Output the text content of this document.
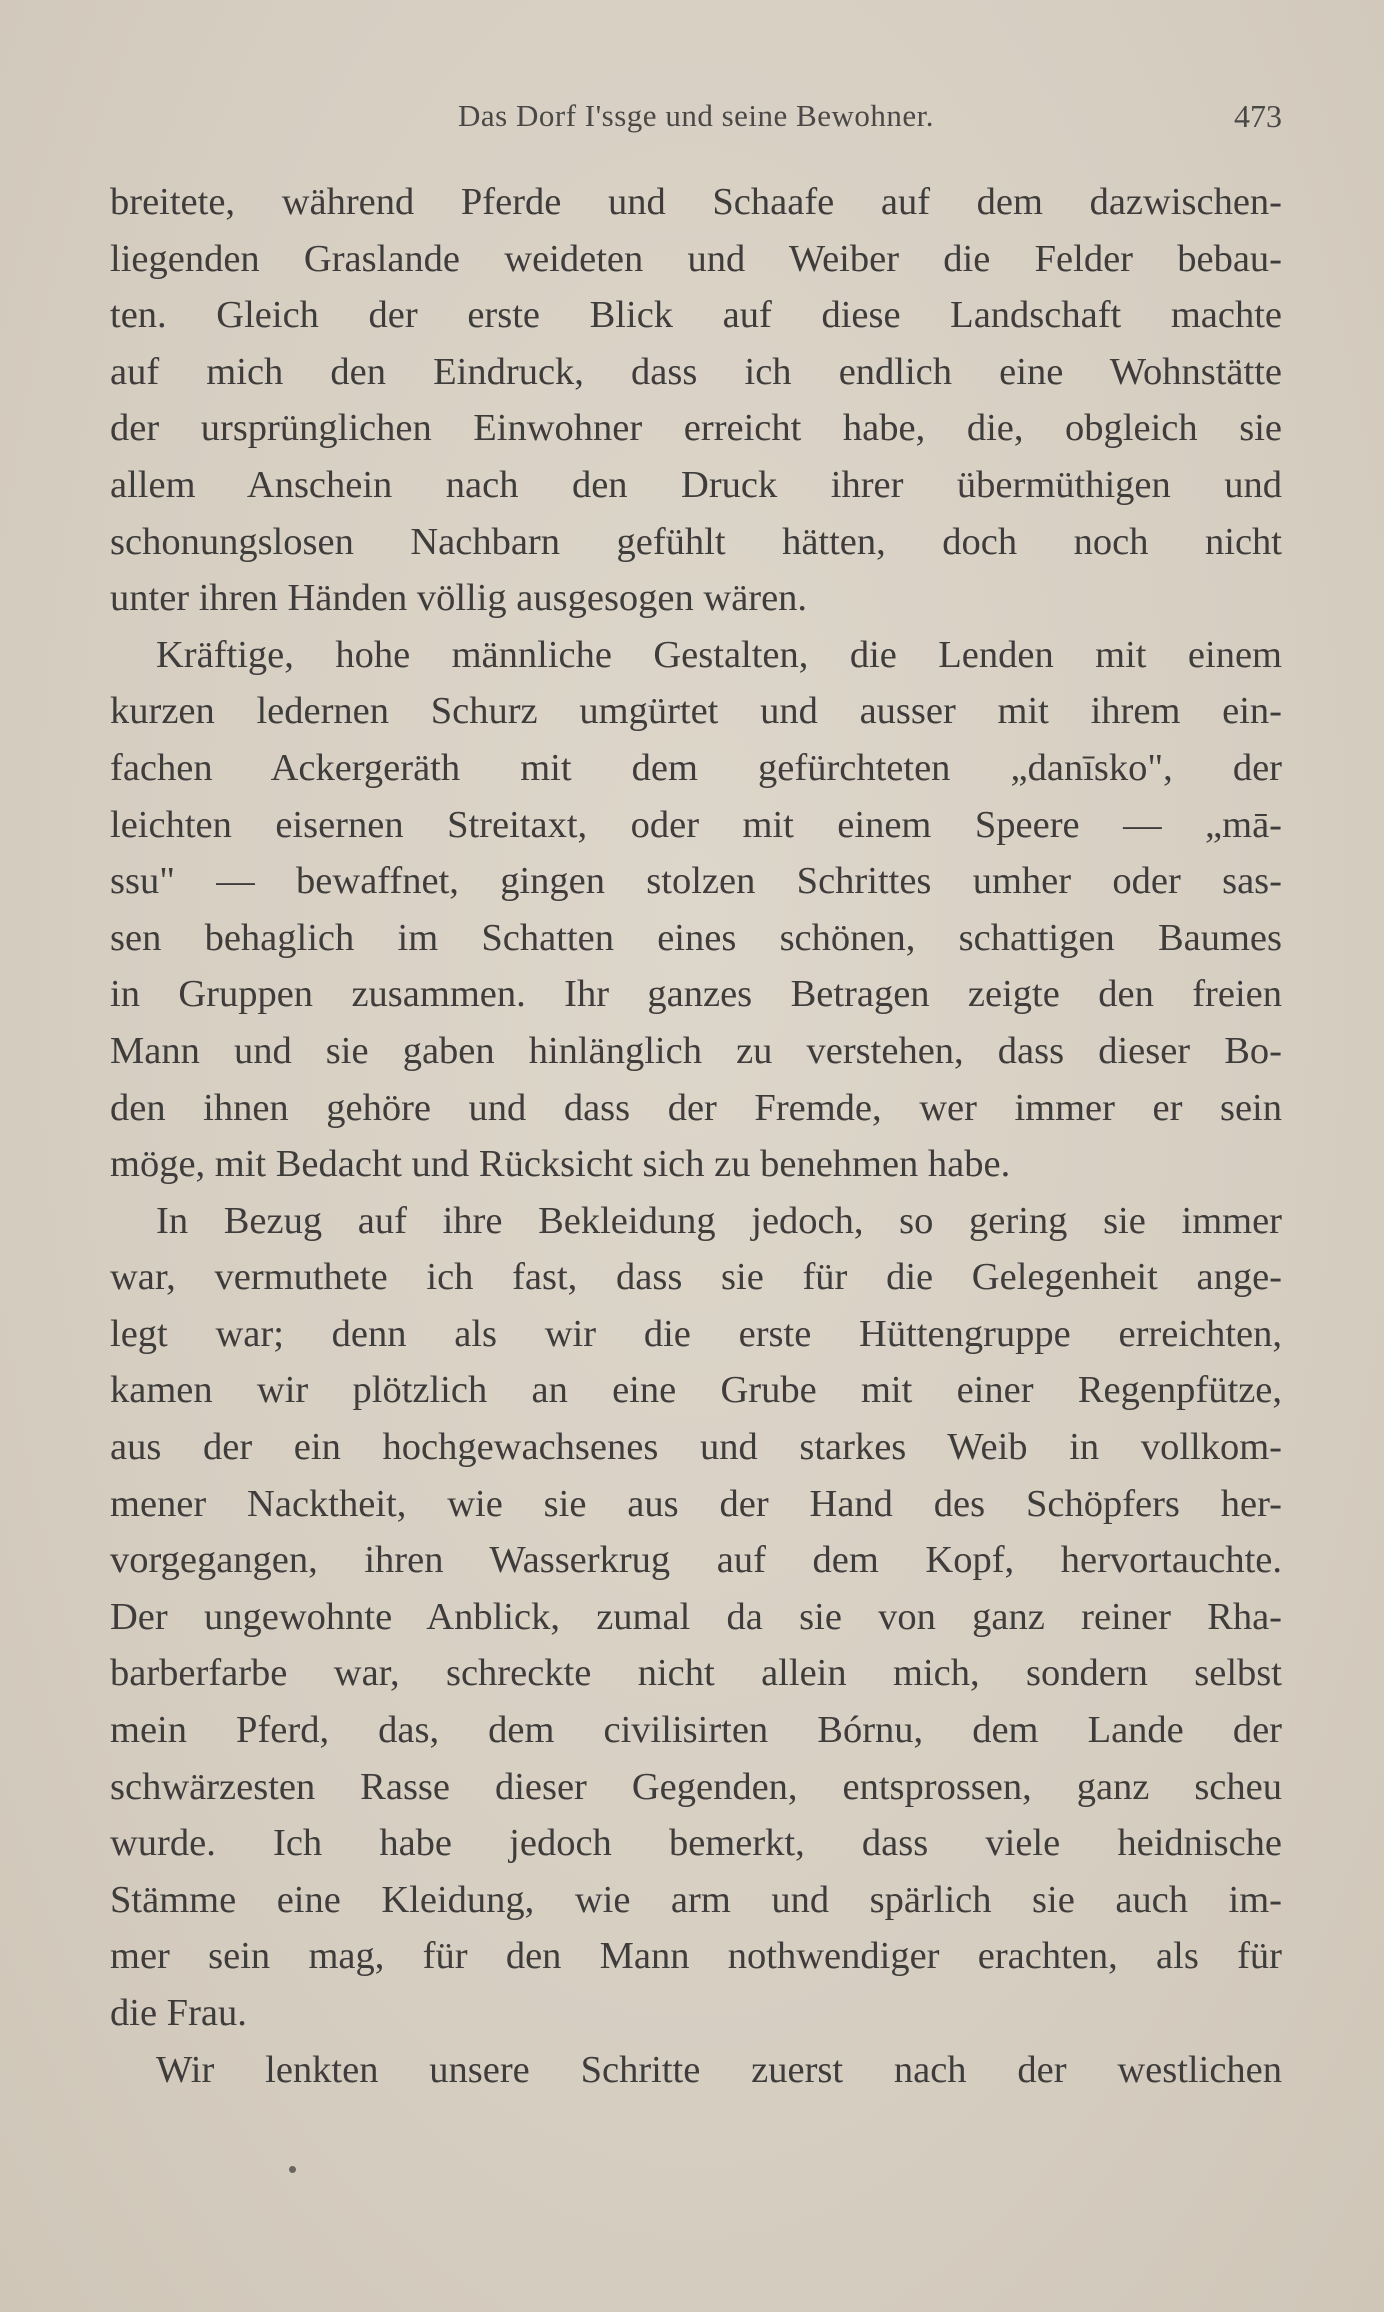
Das Dorf I'ssge und seine Bewohner.	473
breitete, während Pferde und Schaafe auf dem dazwischen-
liegenden Graslande weideten und Weiber die Felder bebau-
ten. Gleich der erste Blick auf diese Landschaft machte
auf mich den Eindruck, dass ich endlich eine Wohnstätte
der ursprünglichen Einwohner erreicht habe, die, obgleich sie
allem Anschein nach den Druck ihrer übermüthigen und
schonungslosen Nachbarn gefühlt hätten, doch noch nicht
unter ihren Händen völlig ausgesogen wären.
Kräftige, hohe männliche Gestalten, die Lenden mit einem
kurzen ledernen Schurz umgürtet und ausser mit ihrem ein-
fachen Ackergeräth mit dem gefürchteten „danīsko", der
leichten eisernen Streitaxt, oder mit einem Speere — „mā-
ssu" — bewaffnet, gingen stolzen Schrittes umher oder sas-
sen behaglich im Schatten eines schönen, schattigen Baumes
in Gruppen zusammen. Ihr ganzes Betragen zeigte den freien
Mann und sie gaben hinlänglich zu verstehen, dass dieser Bo-
den ihnen gehöre und dass der Fremde, wer immer er sein
möge, mit Bedacht und Rücksicht sich zu benehmen habe.
In Bezug auf ihre Bekleidung jedoch, so gering sie immer
war, vermuthete ich fast, dass sie für die Gelegenheit ange-
legt war; denn als wir die erste Hüttengruppe erreichten,
kamen wir plötzlich an eine Grube mit einer Regenpfütze,
aus der ein hochgewachsenes und starkes Weib in vollkom-
mener Nacktheit, wie sie aus der Hand des Schöpfers her-
vorgegangen, ihren Wasserkrug auf dem Kopf, hervortauchte.
Der ungewohnte Anblick, zumal da sie von ganz reiner Rha-
barberfarbe war, schreckte nicht allein mich, sondern selbst
mein Pferd, das, dem civilisirten Bórnu, dem Lande der
schwärzesten Rasse dieser Gegenden, entsprossen, ganz scheu
wurde. Ich habe jedoch bemerkt, dass viele heidnische
Stämme eine Kleidung, wie arm und spärlich sie auch im-
mer sein mag, für den Mann nothwendiger erachten, als für
die Frau.
Wir lenkten unsere Schritte zuerst nach der westlichen
